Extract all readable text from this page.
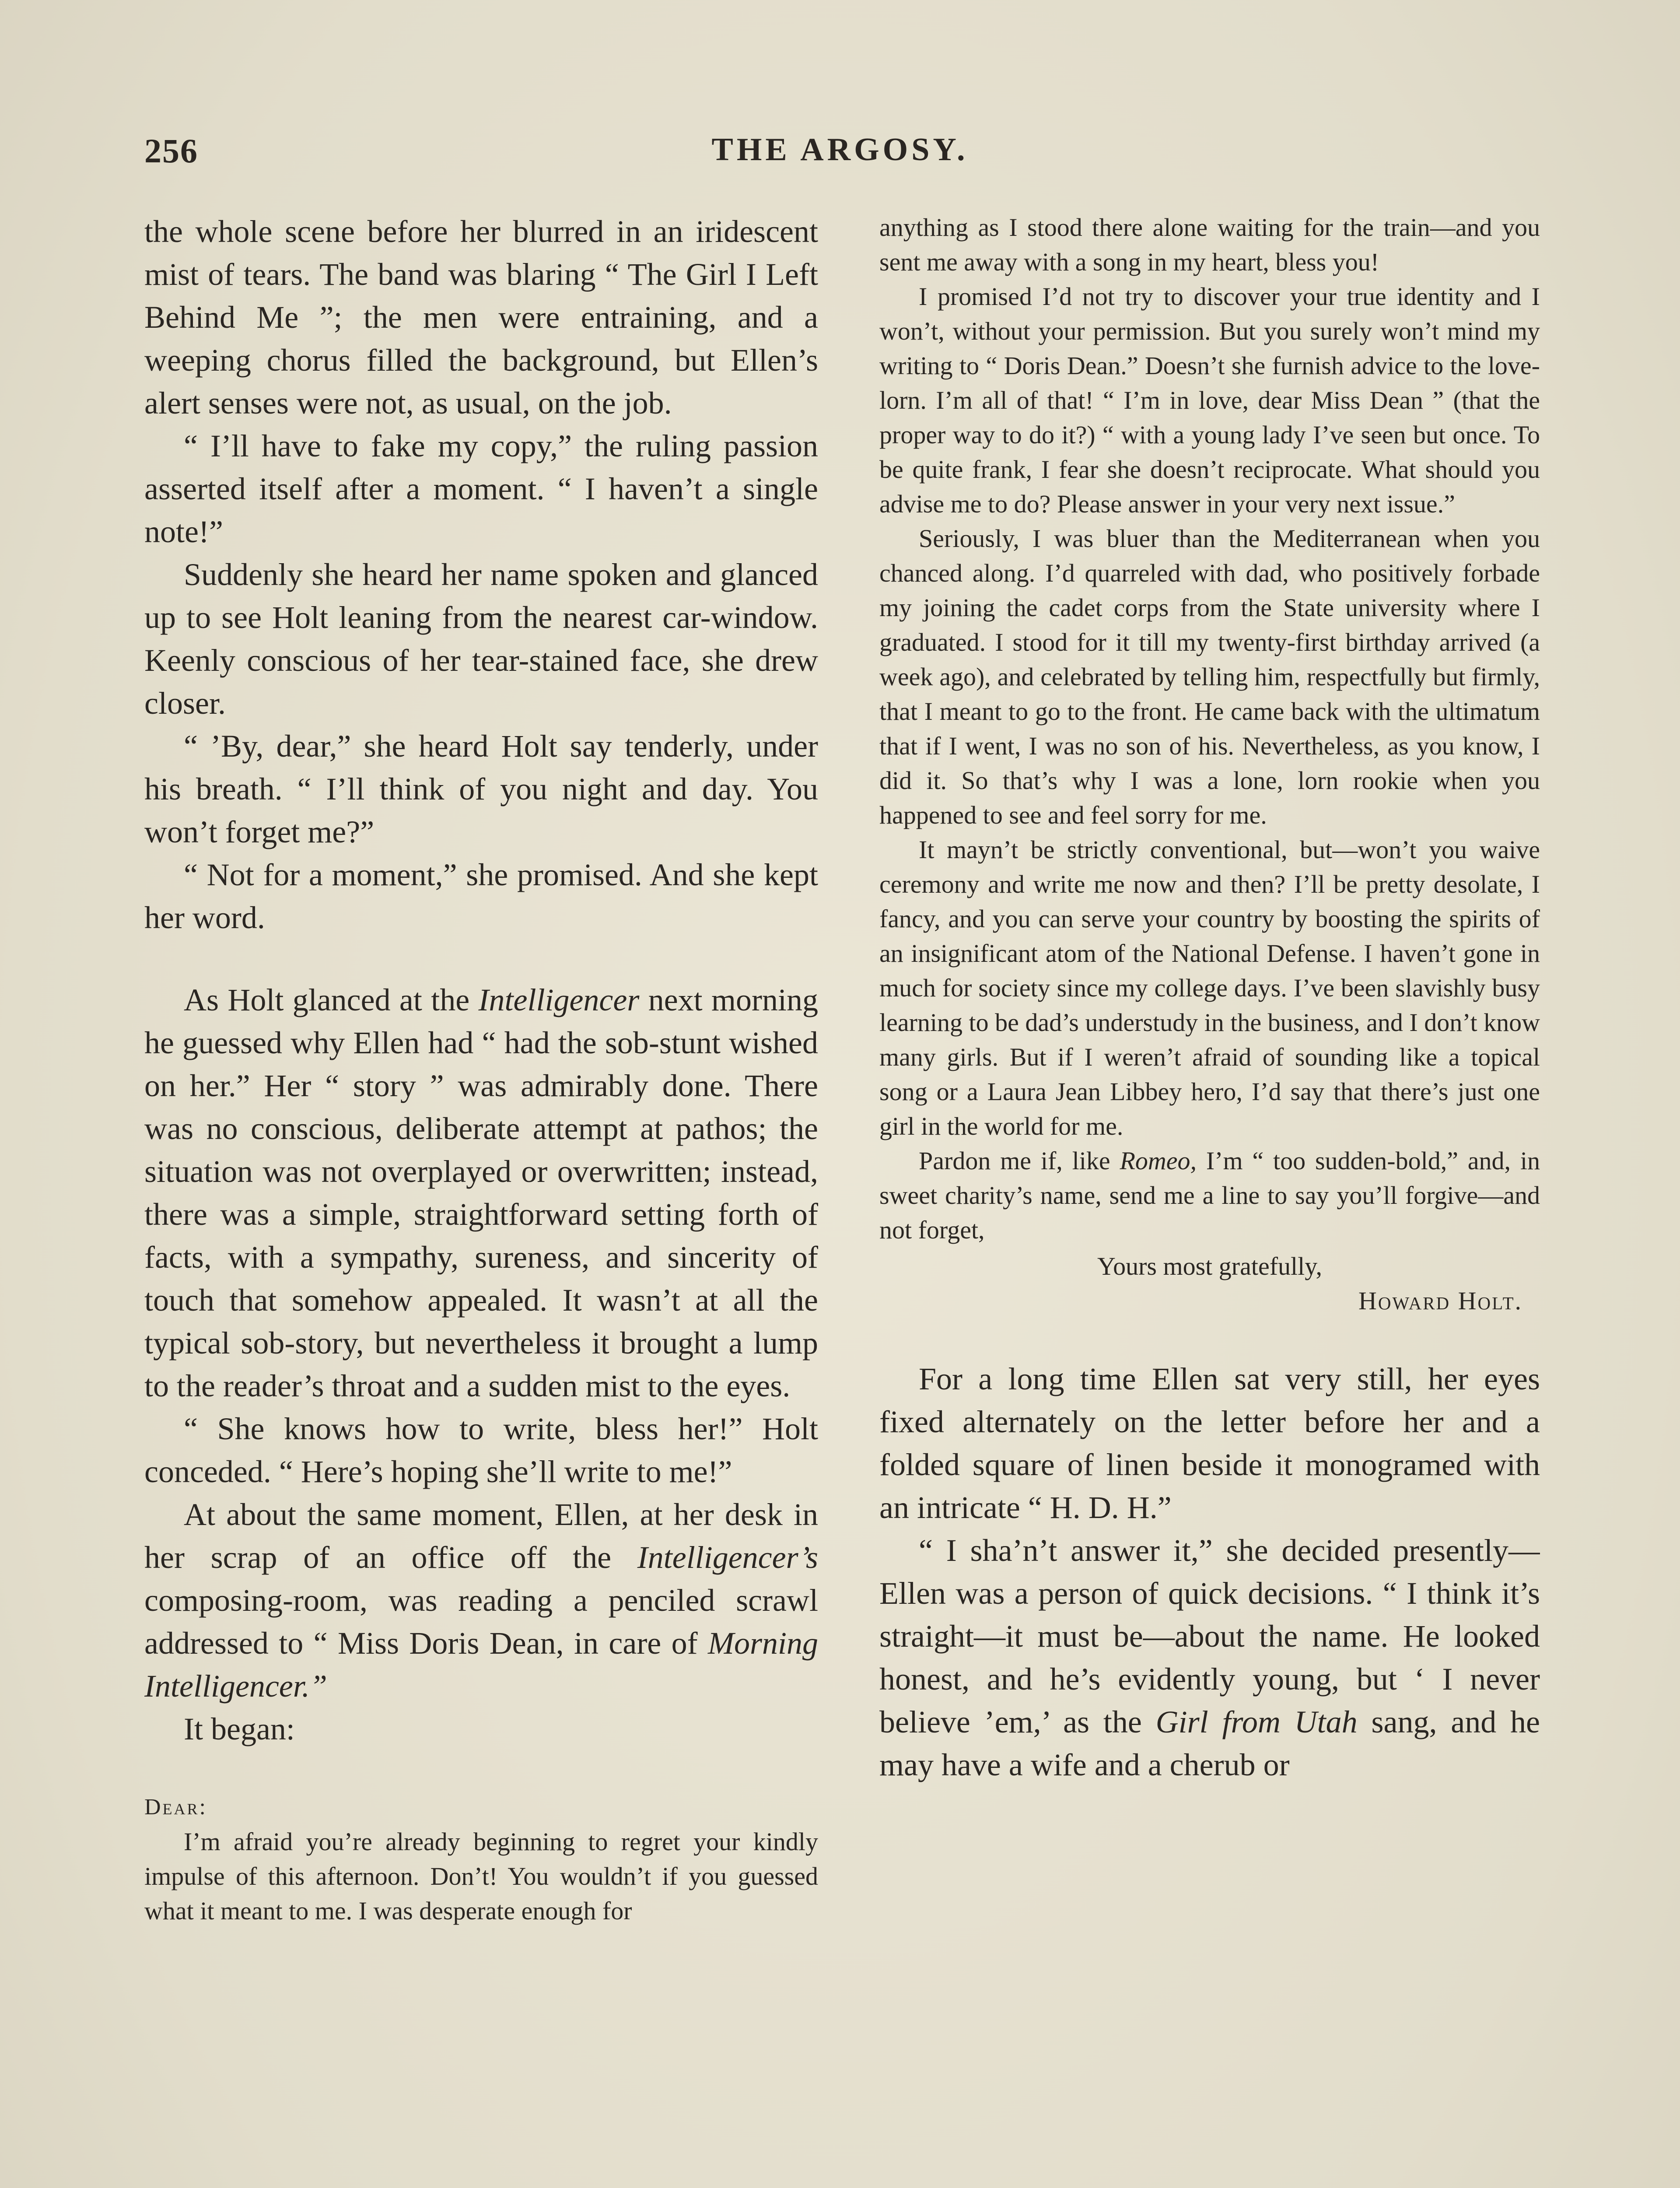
256	THE ARGOSY.

the whole scene before her blurred in an iridescent mist of tears. The band was blaring “ The Girl I Left Behind Me ”; the men were entraining, and a weeping chorus filled the background, but Ellen’s alert senses were not, as usual, on the job.

“ I’ll have to fake my copy,” the ruling passion asserted itself after a moment. “ I haven’t a single note!”

Suddenly she heard her name spoken and glanced up to see Holt leaning from the nearest car-window. Keenly conscious of her tear-stained face, she drew closer.

“ ’By, dear,” she heard Holt say tenderly, under his breath. “ I’ll think of you night and day. You won’t forget me?”

“ Not for a moment,” she promised. And she kept her word.

As Holt glanced at the Intelligencer next morning he guessed why Ellen had “ had the sob-stunt wished on her.” Her “ story ” was admirably done. There was no conscious, deliberate attempt at pathos; the situation was not overplayed or overwritten; instead, there was a simple, straightforward setting forth of facts, with a sympathy, sureness, and sincerity of touch that somehow appealed. It wasn’t at all the typical sob-story, but nevertheless it brought a lump to the reader’s throat and a sudden mist to the eyes.

“ She knows how to write, bless her!” Holt conceded. “ Here’s hoping she’ll write to me!”

At about the same moment, Ellen, at her desk in her scrap of an office off the Intelligencer’s composing-room, was reading a penciled scrawl addressed to “ Miss Doris Dean, in care of Morning Intelligencer.”

It began:

Dear:

I’m afraid you’re already beginning to regret your kindly impulse of this afternoon. Don’t! You wouldn’t if you guessed what it meant to me. I was desperate enough for

anything as I stood there alone waiting for the train—and you sent me away with a song in my heart, bless you!

I promised I’d not try to discover your true identity and I won’t, without your permission. But you surely won’t mind my writing to “ Doris Dean.” Doesn’t she furnish advice to the love-lorn. I’m all of that! “ I’m in love, dear Miss Dean ” (that the proper way to do it?) “ with a young lady I’ve seen but once. To be quite frank, I fear she doesn’t reciprocate. What should you advise me to do? Please answer in your very next issue.”

Seriously, I was bluer than the Mediterranean when you chanced along. I’d quarreled with dad, who positively forbade my joining the cadet corps from the State university where I graduated. I stood for it till my twenty-first birthday arrived (a week ago), and celebrated by telling him, respectfully but firmly, that I meant to go to the front. He came back with the ultimatum that if I went, I was no son of his. Nevertheless, as you know, I did it. So that’s why I was a lone, lorn rookie when you happened to see and feel sorry for me.

It mayn’t be strictly conventional, but—won’t you waive ceremony and write me now and then? I’ll be pretty desolate, I fancy, and you can serve your country by boosting the spirits of an insignificant atom of the National Defense. I haven’t gone in much for society since my college days. I’ve been slavishly busy learning to be dad’s understudy in the business, and I don’t know many girls. But if I weren’t afraid of sounding like a topical song or a Laura Jean Libbey hero, I’d say that there’s just one girl in the world for me.

Pardon me if, like Romeo, I’m “ too sudden-bold,” and, in sweet charity’s name, send me a line to say you’ll forgive—and not forget,

Yours most gratefully,

Howard Holt.

For a long time Ellen sat very still, her eyes fixed alternately on the letter before her and a folded square of linen beside it monogramed with an intricate “ H. D. H.”

“ I sha’n’t answer it,” she decided presently—Ellen was a person of quick decisions. “ I think it’s straight—it must be—about the name. He looked honest, and he’s evidently young, but ‘ I never believe ’em,’ as the Girl from Utah sang, and he may have a wife and a cherub or
